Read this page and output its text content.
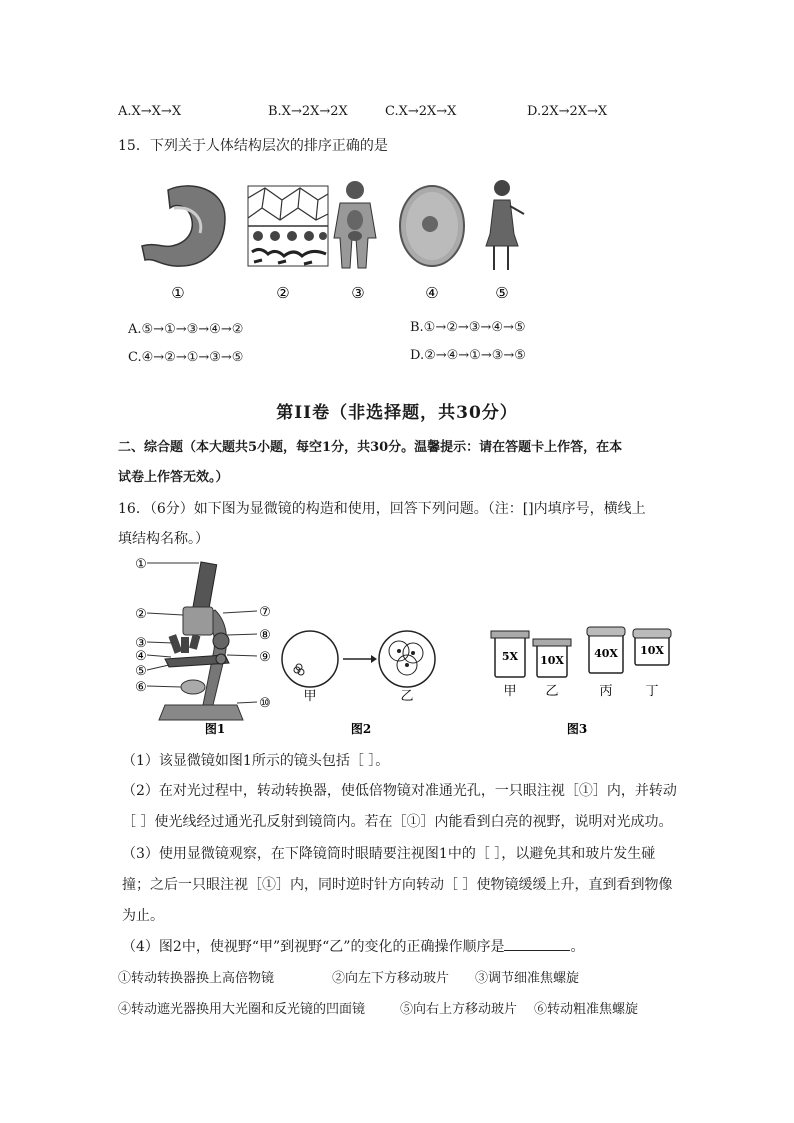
A.X→X→X	B.X→2X→2X	C.X→2X→X	D.2X→2X→X
15．下列关于人体结构层次的排序正确的是
①	②	③	④	⑤
A.⑤→①→③→④→②	B.①→②→③→④→⑤
C.④→②→①→③→⑤	D.②→④→①→③→⑤
第II卷（非选择题，共30分）
二、综合题（本大题共5小题，每空1分，共30分。温馨提示：请在答题卡上作答，在本
试卷上作答无效。）
16．（6分）如下图为显微镜的构造和使用，回答下列问题。（注：[]内填序号，横线上
填结构名称。）
①
②
③
④
⑤
⑥
⑦
⑧
⑨
⑩
图1
甲	乙
图2
5X 10X
40X 10X
甲 乙	丙	丁
图3
（1）该显微镜如图1所示的镜头包括［ ］。
（2）在对光过程中，转动转换器，使低倍物镜对准通光孔，一只眼注视［①］内，并转动
［ ］使光线经过通光孔反射到镜筒内。若在［①］内能看到白亮的视野，说明对光成功。
（3）使用显微镜观察，在下降镜筒时眼睛要注视图1中的［ ］，以避免其和玻片发生碰
撞；之后一只眼注视［①］内，同时逆时针方向转动［ ］使物镜缓缓上升，直到看到物像
为止。
（4）图2中，使视野“甲”到视野“乙”的变化的正确操作顺序是	。
①转动转换器换上高倍物镜	②向左下方移动玻片 ③调节细准焦螺旋
④转动遮光器换用大光圈和反光镜的凹面镜	⑤向右上方移动玻片 ⑥转动粗准焦螺旋
